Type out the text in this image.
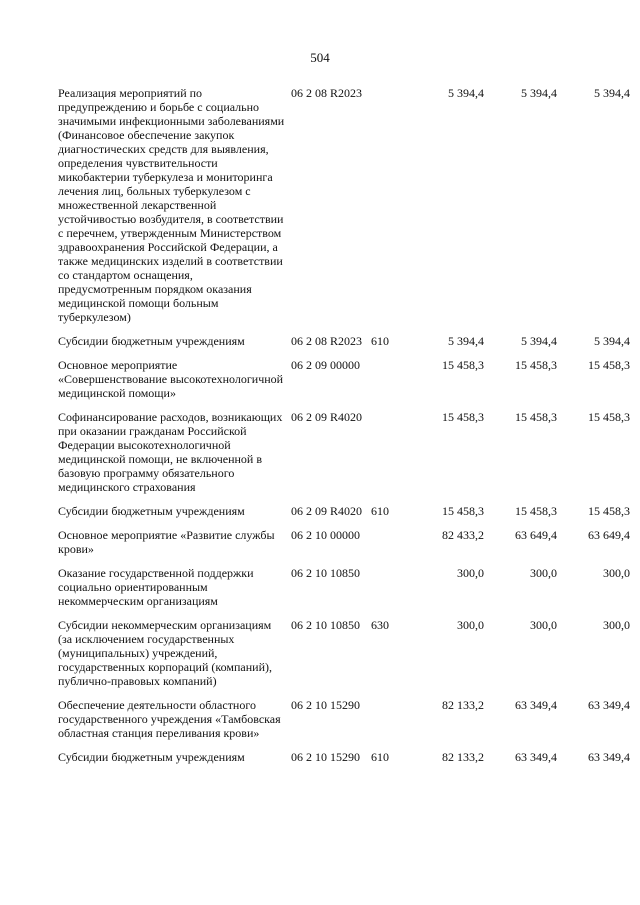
504
Реализация мероприятий по предупреждению и борьбе с социально значимыми инфекционными заболеваниями (Финансовое обеспечение закупок диагностических средств для выявления, определения чувствительности микобактерии туберкулеза и мониторинга лечения лиц, больных туберкулезом с множественной лекарственной устойчивостью возбудителя, в соответствии с перечнем, утвержденным Министерством здравоохранения Российской Федерации, а также медицинских изделий в соответствии со стандартом оснащения, предусмотренным порядком оказания медицинской помощи больным туберкулезом)	06 2 08 R2023		5 394,4	5 394,4	5 394,4

Субсидии бюджетным учреждениям	06 2 08 R2023	610	5 394,4	5 394,4	5 394,4

Основное мероприятие «Совершенствование высокотехнологичной медицинской помощи»	06 2 09 00000		15 458,3	15 458,3	15 458,3

Софинансирование расходов, возникающих при оказании гражданам Российской Федерации высокотехнологичной медицинской помощи, не включенной в базовую программу обязательного медицинского страхования	06 2 09 R4020		15 458,3	15 458,3	15 458,3

Субсидии бюджетным учреждениям	06 2 09 R4020	610	15 458,3	15 458,3	15 458,3

Основное мероприятие «Развитие службы крови»	06 2 10 00000		82 433,2	63 649,4	63 649,4

Оказание государственной поддержки социально ориентированным некоммерческим организациям	06 2 10 10850		300,0	300,0	300,0

Субсидии некоммерческим организациям (за исключением государственных (муниципальных) учреждений, государственных корпораций (компаний), публично-правовых компаний)	06 2 10 10850	630	300,0	300,0	300,0

Обеспечение деятельности областного государственного учреждения «Тамбовская областная станция переливания крови»	06 2 10 15290		82 133,2	63 349,4	63 349,4

Субсидии бюджетным учреждениям	06 2 10 15290	610	82 133,2	63 349,4	63 349,4
